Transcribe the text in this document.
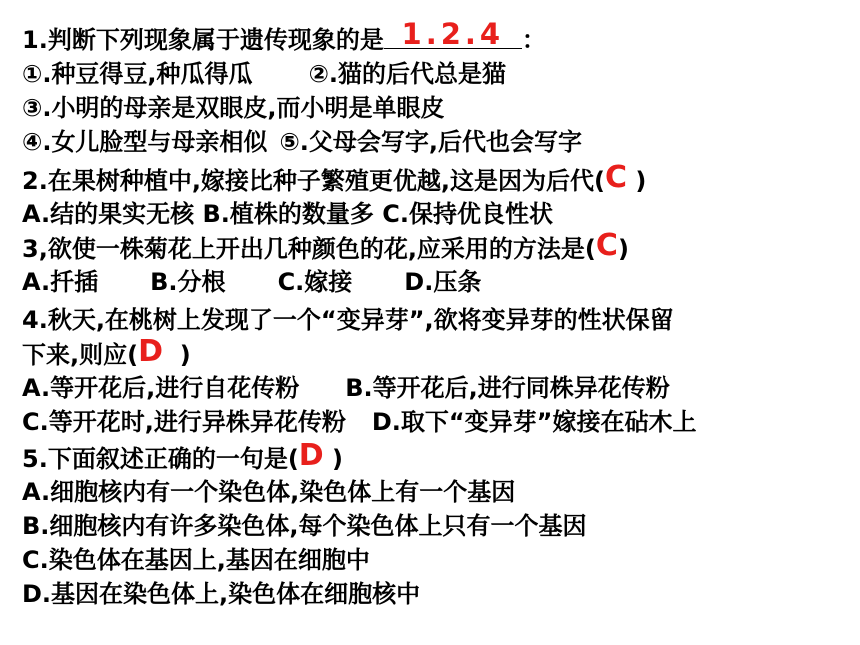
1.判断下列现象属于遗传现象的是 1.2.4 ：
①.种豆得豆,种瓜得瓜 ②.猫的后代总是猫
③.小明的母亲是双眼皮,而小明是单眼皮
④.女儿脸型与母亲相似 ⑤.父母会写字,后代也会写字
2.在果树种植中,嫁接比种子繁殖更优越,这是因为后代(C )
A.结的果实无核 B.植株的数量多 C.保持优良性状
3,欲使一株菊花上开出几种颜色的花,应采用的方法是(C)
A.扦插 B.分根 C.嫁接 D.压条
4.秋天,在桃树上发现了一个“变异芽”,欲将变异芽的性状保留
下来,则应(D  )
A.等开花后,进行自花传粉 B.等开花后,进行同株异花传粉
C.等开花时,进行异株异花传粉 D.取下“变异芽”嫁接在砧木上
5.下面叙述正确的一句是(D )
A.细胞核内有一个染色体,染色体上有一个基因
B.细胞核内有许多染色体,每个染色体上只有一个基因
C.染色体在基因上,基因在细胞中
D.基因在染色体上,染色体在细胞核中
